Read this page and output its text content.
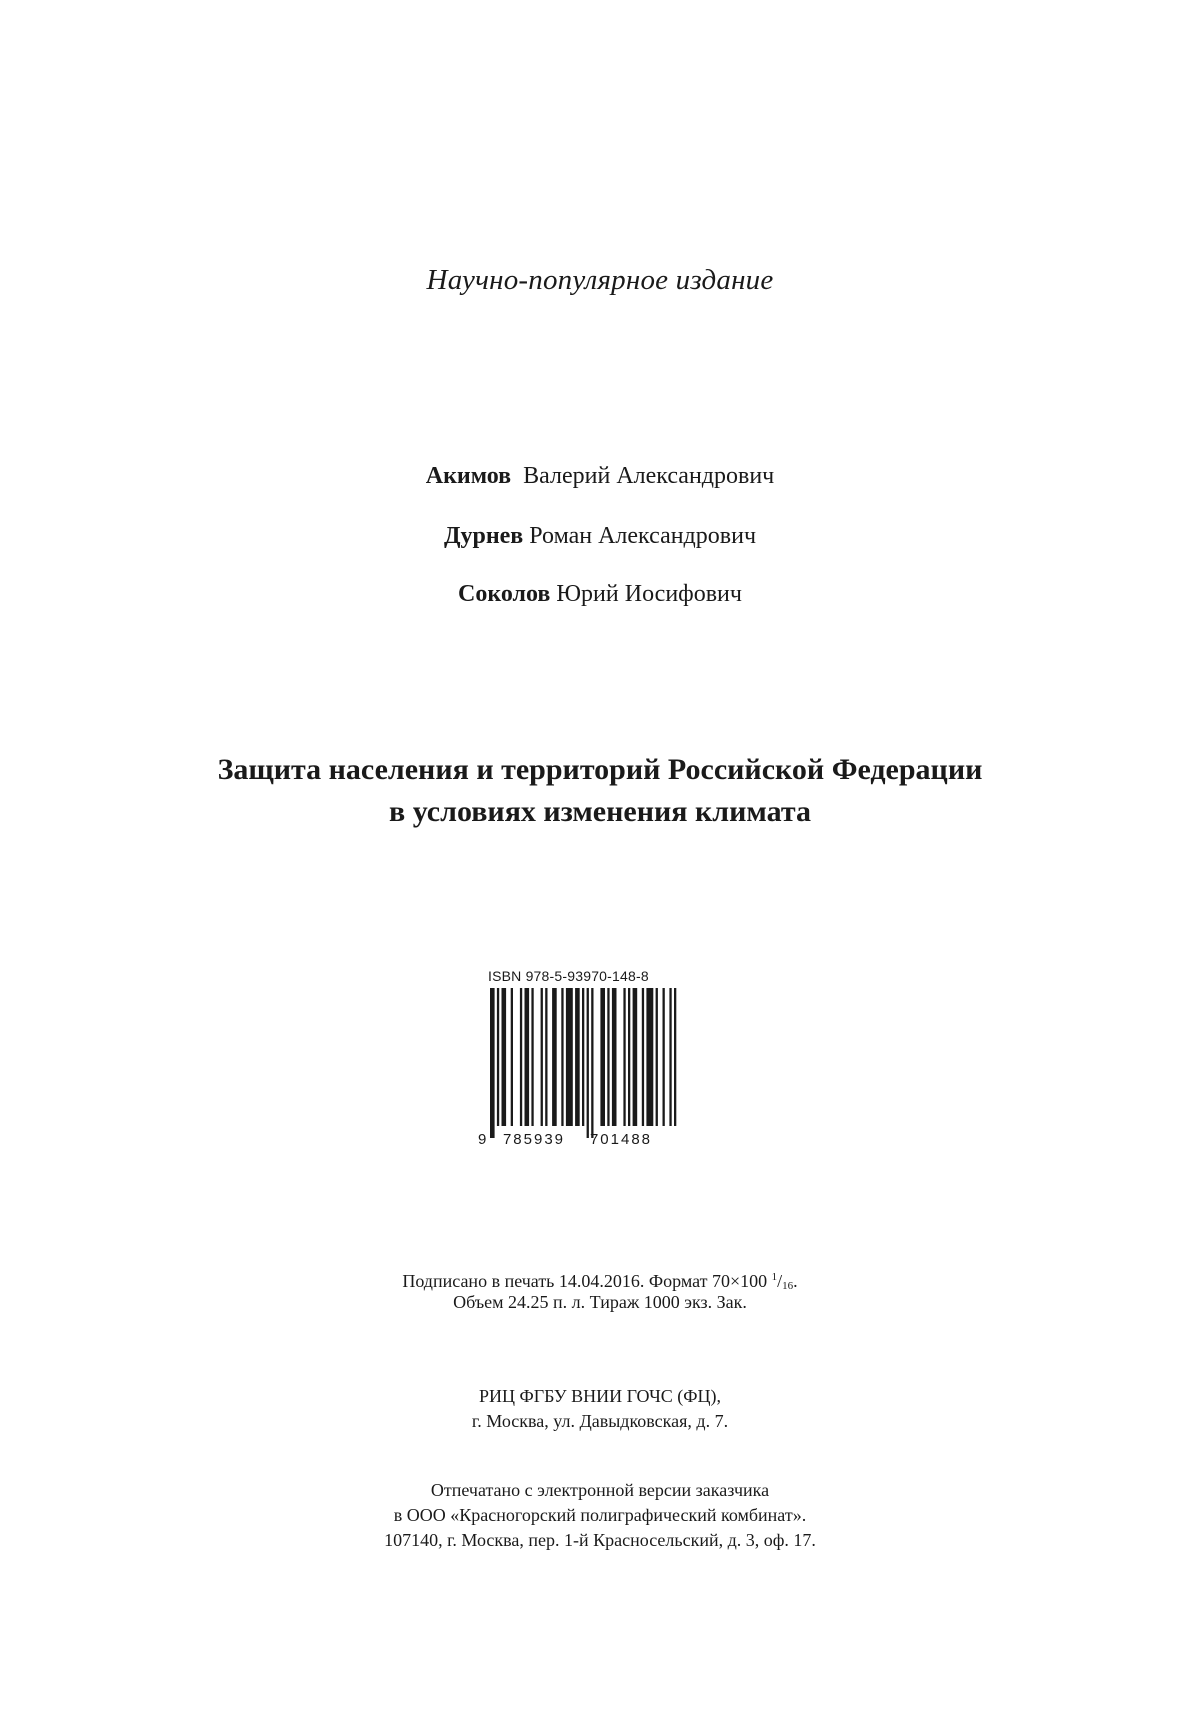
Научно-популярное издание
Акимов Валерий Александрович
Дурнев Роман Александрович
Соколов Юрий Иосифович
Защита населения и территорий Российской Федерации
в условиях изменения климата
ISBN 978-5-93970-148-8
9 785939 701488
Подписано в печать 14.04.2016. Формат 70×100 $^1/_{16}$.
Объем 24.25 п. л. Тираж 1000 экз. Зак.
РИЦ ФГБУ ВНИИ ГОЧС (ФЦ),
г. Москва, ул. Давыдковская, д. 7.
Отпечатано с электронной версии заказчика
в ООО «Красногорский полиграфический комбинат».
107140, г. Москва, пер. 1-й Красносельский, д. 3, оф. 17.
